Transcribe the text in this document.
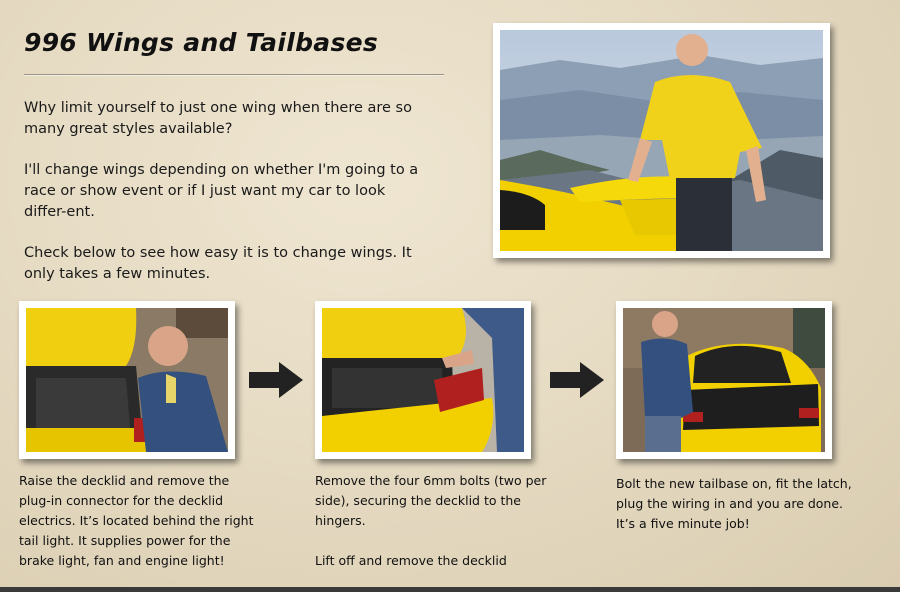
996 Wings and Tailbases

Why limit yourself to just one wing when there are so many great styles available?

I'll change wings depending on whether I'm going to a race or show event or if I just want my car to look differ-ent.

Check below to see how easy it is to change wings. It only takes a few minutes.

Raise the decklid and remove the plug-in connector for the decklid electrics. It’s located behind the right tail light. It supplies power for the brake light, fan and engine light!

Remove the four 6mm bolts (two per side), securing the decklid to the hingers.

Lift off and remove the decklid

Bolt the new tailbase on, fit the latch, plug the wiring in and you are done. It’s a five minute job!
